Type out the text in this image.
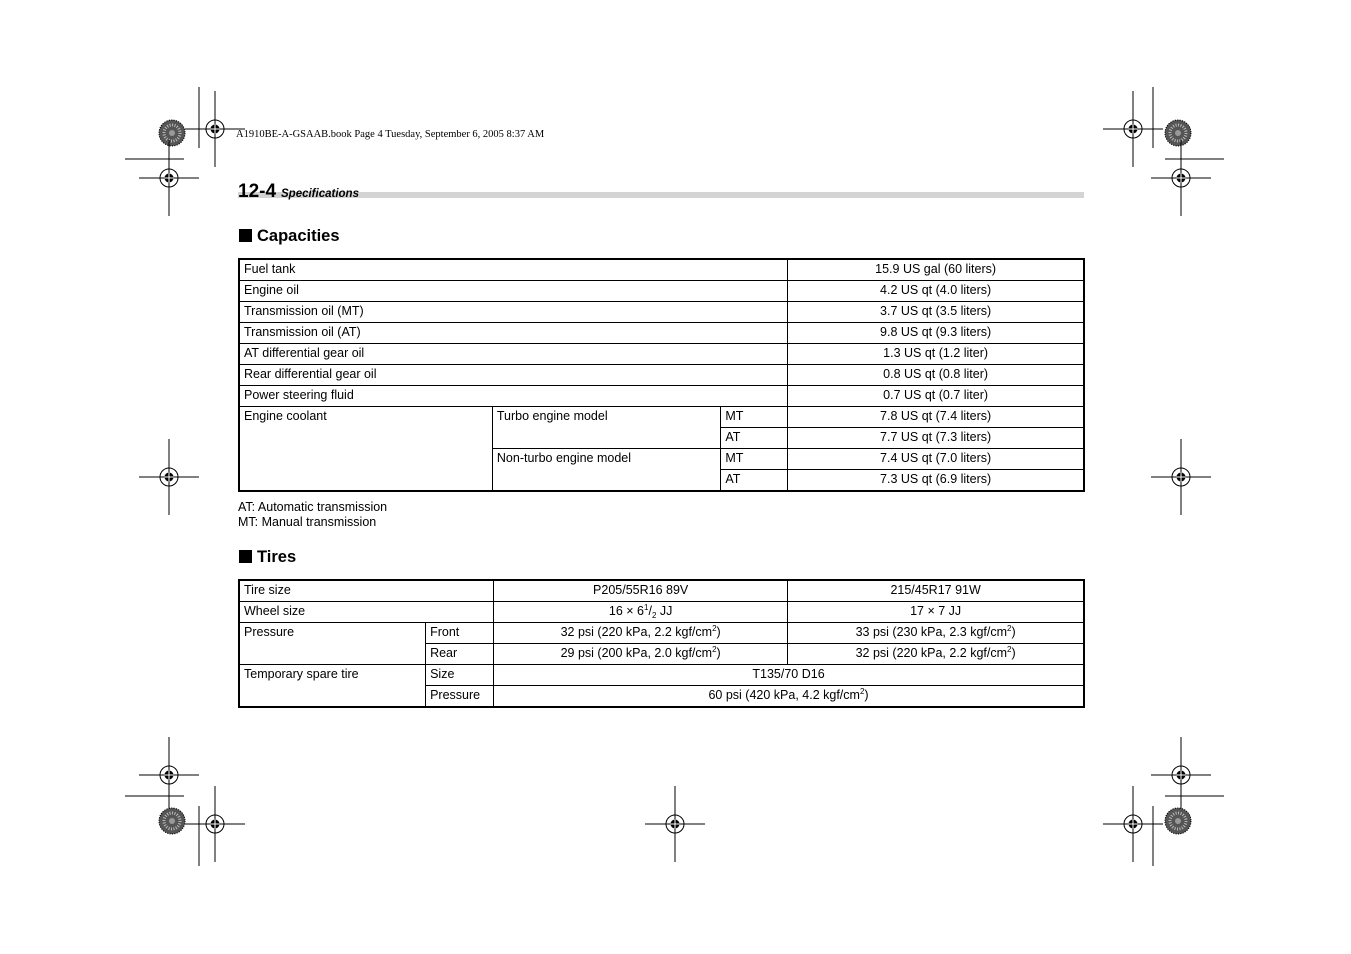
A1910BE-A-GSAAB.book Page 4 Tuesday, September 6, 2005 8:37 AM
12-4 Specifications
Capacities
Fuel tank			15.9 US gal (60 liters)
Engine oil			4.2 US qt (4.0 liters)
Transmission oil (MT)			3.7 US qt (3.5 liters)
Transmission oil (AT)			9.8 US qt (9.3 liters)
AT differential gear oil			1.3 US qt (1.2 liter)
Rear differential gear oil			0.8 US qt (0.8 liter)
Power steering fluid			0.7 US qt (0.7 liter)
Engine coolant	Turbo engine model	MT	7.8 US qt (7.4 liters)
		AT	7.7 US qt (7.3 liters)
	Non-turbo engine model	MT	7.4 US qt (7.0 liters)
		AT	7.3 US qt (6.9 liters)
AT: Automatic transmission
MT: Manual transmission
Tires
Tire size		P205/55R16 89V	215/45R17 91W
Wheel size		$16 \times 6^1/_2$ JJ	17 × 7 JJ
Pressure	Front	32 psi (220 kPa, 2.2 kgf/$cm^2$)	33 psi (230 kPa, 2.3 kgf/$cm^2$)
	Rear	29 psi (200 kPa, 2.0 kgf/$cm^2$)	32 psi (220 kPa, 2.2 kgf/$cm^2$)
Temporary spare tire	Size	T135/70 D16	
	Pressure	60 psi (420 kPa, 4.2 kgf/$cm^2$)	
